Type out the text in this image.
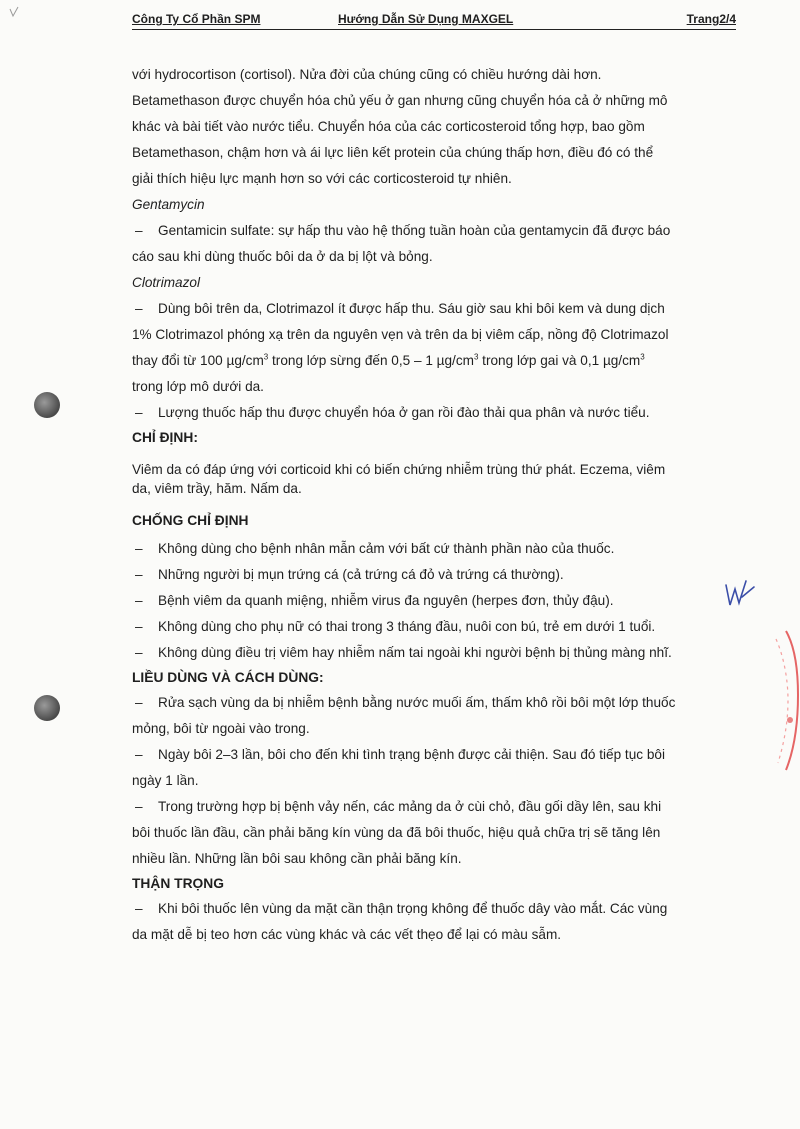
Công Ty Cổ Phần SPM	Hướng Dẫn Sử Dụng MAXGEL	Trang2/4

với hydrocortison (cortisol). Nửa đời của chúng cũng có chiều hướng dài hơn.

Betamethason được chuyển hóa chủ yếu ở gan nhưng cũng chuyển hóa cả ở những mô

khác và bài tiết vào nước tiểu. Chuyển hóa của các corticosteroid tổng hợp, bao gồm

Betamethason, chậm hơn và ái lực liên kết protein của chúng thấp hơn, điều đó có thể

giải thích hiệu lực mạnh hơn so với các corticosteroid tự nhiên.

Gentamycin

– Gentamicin sulfate: sự hấp thu vào hệ thống tuần hoàn của gentamycin đã được báo

cáo sau khi dùng thuốc bôi da ở da bị lột và bỏng.

Clotrimazol

– Dùng bôi trên da, Clotrimazol ít được hấp thu. Sáu giờ sau khi bôi kem và dung dịch

1% Clotrimazol phóng xạ trên da nguyên vẹn và trên da bị viêm cấp, nồng độ Clotrimazol

thay đổi từ 100 $\mu g/cm^3$ trong lớp sừng đến 0,5 – 1 $\mu g/cm^3$ trong lớp gai và 0,1 $\mu g/cm^3$

trong lớp mô dưới da.

– Lượng thuốc hấp thu được chuyển hóa ở gan rồi đào thải qua phân và nước tiểu.

CHỈ ĐỊNH:

Viêm da có đáp ứng với corticoid khi có biến chứng nhiễm trùng thứ phát. Eczema, viêm

da, viêm trầy, hăm. Nấm da.

CHỐNG CHỈ ĐỊNH

– Không dùng cho bệnh nhân mẫn cảm với bất cứ thành phần nào của thuốc.

– Những người bị mụn trứng cá (cả trứng cá đỏ và trứng cá thường).

– Bệnh viêm da quanh miệng, nhiễm virus đa nguyên (herpes đơn, thủy đậu).

– Không dùng cho phụ nữ có thai trong 3 tháng đầu, nuôi con bú, trẻ em dưới 1 tuổi.

– Không dùng điều trị viêm hay nhiễm nấm tai ngoài khi người bệnh bị thủng màng nhĩ.

LIỀU DÙNG VÀ CÁCH DÙNG:

– Rửa sạch vùng da bị nhiễm bệnh bằng nước muối ấm, thấm khô rồi bôi một lớp thuốc

mỏng, bôi từ ngoài vào trong.

– Ngày bôi 2–3 lần, bôi cho đến khi tình trạng bệnh được cải thiện. Sau đó tiếp tục bôi

ngày 1 lần.

– Trong trường hợp bị bệnh vảy nến, các mảng da ở cùi chỏ, đầu gối dầy lên, sau khi

bôi thuốc lần đầu, cần phải băng kín vùng da đã bôi thuốc, hiệu quả chữa trị sẽ tăng lên

nhiều lần. Những lần bôi sau không cần phải băng kín.

THẬN TRỌNG

– Khi bôi thuốc lên vùng da mặt cần thận trọng không để thuốc dây vào mắt. Các vùng

da mặt dễ bị teo hơn các vùng khác và các vết thẹo để lại có màu sẫm.
